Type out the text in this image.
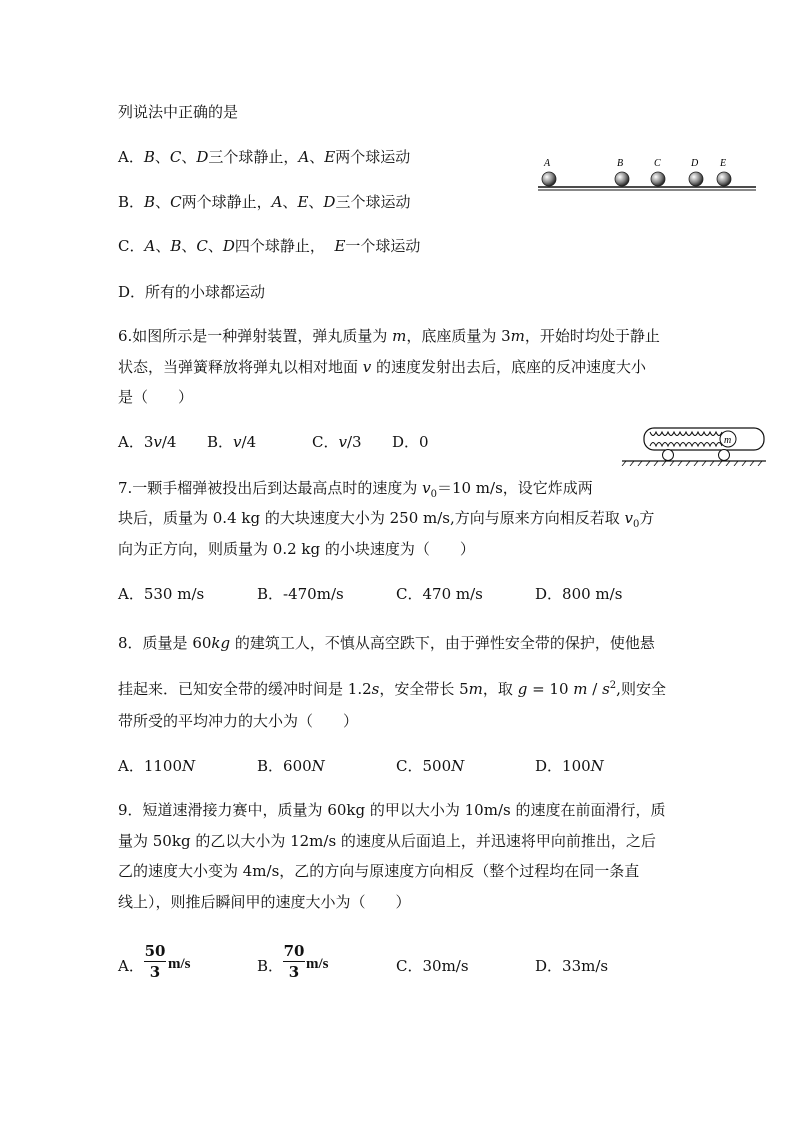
列说法中正确的是
A．B、C、D三个球静止，A、E两个球运动
B．B、C两个球静止，A、E、D三个球运动
C．A、B、C、D四个球静止，  E一个球运动
D．所有的小球都运动
A	B	C	D E
6.如图所示是一种弹射装置，弹丸质量为 m，底座质量为 3m，开始时均处于静止
状态，当弹簧释放将弹丸以相对地面 v 的速度发射出去后，底座的反冲速度大小
是（　　）
A．3v/4 B．v/4	C．v/3 D．0	m
7.一颗手榴弹被投出后到达最高点时的速度为 $v_0=10$ m/s，设它炸成两
块后，质量为 0.4 kg 的大块速度大小为 250 m/s,方向与原来方向相反若取 $v_0$方
向为正方向，则质量为 0.2 kg 的小块速度为（　　）
A．530 m/s	B．-470m/s	C．470 m/s	D．800 m/s
8．质量是 60kg 的建筑工人，不慎从高空跌下，由于弹性安全带的保护，使他悬
挂起来．已知安全带的缓冲时间是 1.2s，安全带长 5m，取 g = 10 m / $s^2$,则安全
带所受的平均冲力的大小为（　　）
A．1100N	B．600N	C．500N	D．100N
9．短道速滑接力赛中，质量为 60kg 的甲以大小为 10m/s 的速度在前面滑行，质
量为 50kg 的乙以大小为 12m/s 的速度从后面追上，并迅速将甲向前推出，之后
乙的速度大小变为 4m/s，乙的方向与原速度方向相反（整个过程均在同一条直
线上），则推后瞬间甲的速度大小为（　　）
A．
50
3 m/s	B．
70
3 m/s	C．30m/s	D．33m/s
